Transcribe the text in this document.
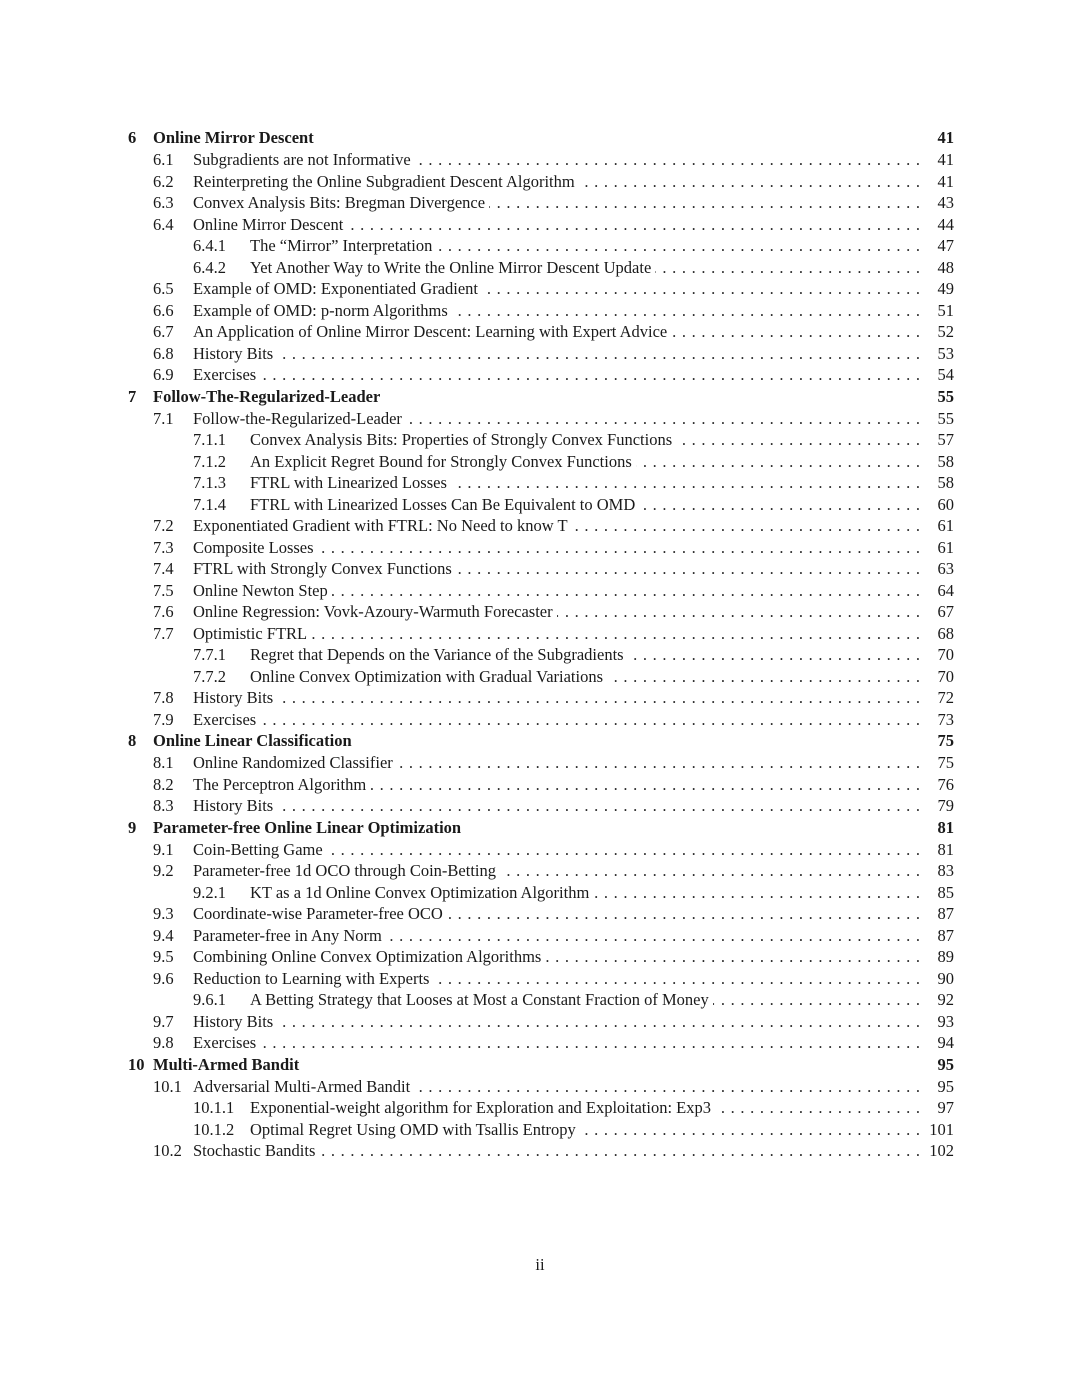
6	Online Mirror Descent	41
6.1	Subgradients are not Informative . . .	41
6.2	Reinterpreting the Online Subgradient Descent Algorithm . . .	41
6.3	Convex Analysis Bits: Bregman Divergence . . .	43
6.4	Online Mirror Descent . . .	44
6.4.1	The “Mirror” Interpretation . . .	47
6.4.2	Yet Another Way to Write the Online Mirror Descent Update . . .	48
6.5	Example of OMD: Exponentiated Gradient . . .	49
6.6	Example of OMD: p-norm Algorithms . . .	51
6.7	An Application of Online Mirror Descent: Learning with Expert Advice . . .	52
6.8	History Bits . . .	53
6.9	Exercises . . .	54
7	Follow-The-Regularized-Leader	55
7.1	Follow-the-Regularized-Leader . . .	55
7.1.1	Convex Analysis Bits: Properties of Strongly Convex Functions . . .	57
7.1.2	An Explicit Regret Bound for Strongly Convex Functions . . .	58
7.1.3	FTRL with Linearized Losses . . .	58
7.1.4	FTRL with Linearized Losses Can Be Equivalent to OMD . . .	60
7.2	Exponentiated Gradient with FTRL: No Need to know T . . .	61
7.3	Composite Losses . . .	61
7.4	FTRL with Strongly Convex Functions . . .	63
7.5	Online Newton Step . . .	64
7.6	Online Regression: Vovk-Azoury-Warmuth Forecaster . . .	67
7.7	Optimistic FTRL . . .	68
7.7.1	Regret that Depends on the Variance of the Subgradients . . .	70
7.7.2	Online Convex Optimization with Gradual Variations . . .	70
7.8	History Bits . . .	72
7.9	Exercises . . .	73
8	Online Linear Classification	75
8.1	Online Randomized Classifier . . .	75
8.2	The Perceptron Algorithm . . .	76
8.3	History Bits . . .	79
9	Parameter-free Online Linear Optimization	81
9.1	Coin-Betting Game . . .	81
9.2	Parameter-free 1d OCO through Coin-Betting . . .	83
9.2.1	KT as a 1d Online Convex Optimization Algorithm . . .	85
9.3	Coordinate-wise Parameter-free OCO . . .	87
9.4	Parameter-free in Any Norm . . .	87
9.5	Combining Online Convex Optimization Algorithms . . .	89
9.6	Reduction to Learning with Experts . . .	90
9.6.1	A Betting Strategy that Looses at Most a Constant Fraction of Money . . .	92
9.7	History Bits . . .	93
9.8	Exercises . . .	94
10 Multi-Armed Bandit	95
10.1 Adversarial Multi-Armed Bandit . . .	95
10.1.1 Exponential-weight algorithm for Exploration and Exploitation: Exp3 . . .	97
10.1.2 Optimal Regret Using OMD with Tsallis Entropy . . .	101
10.2 Stochastic Bandits . . .	102
ii
